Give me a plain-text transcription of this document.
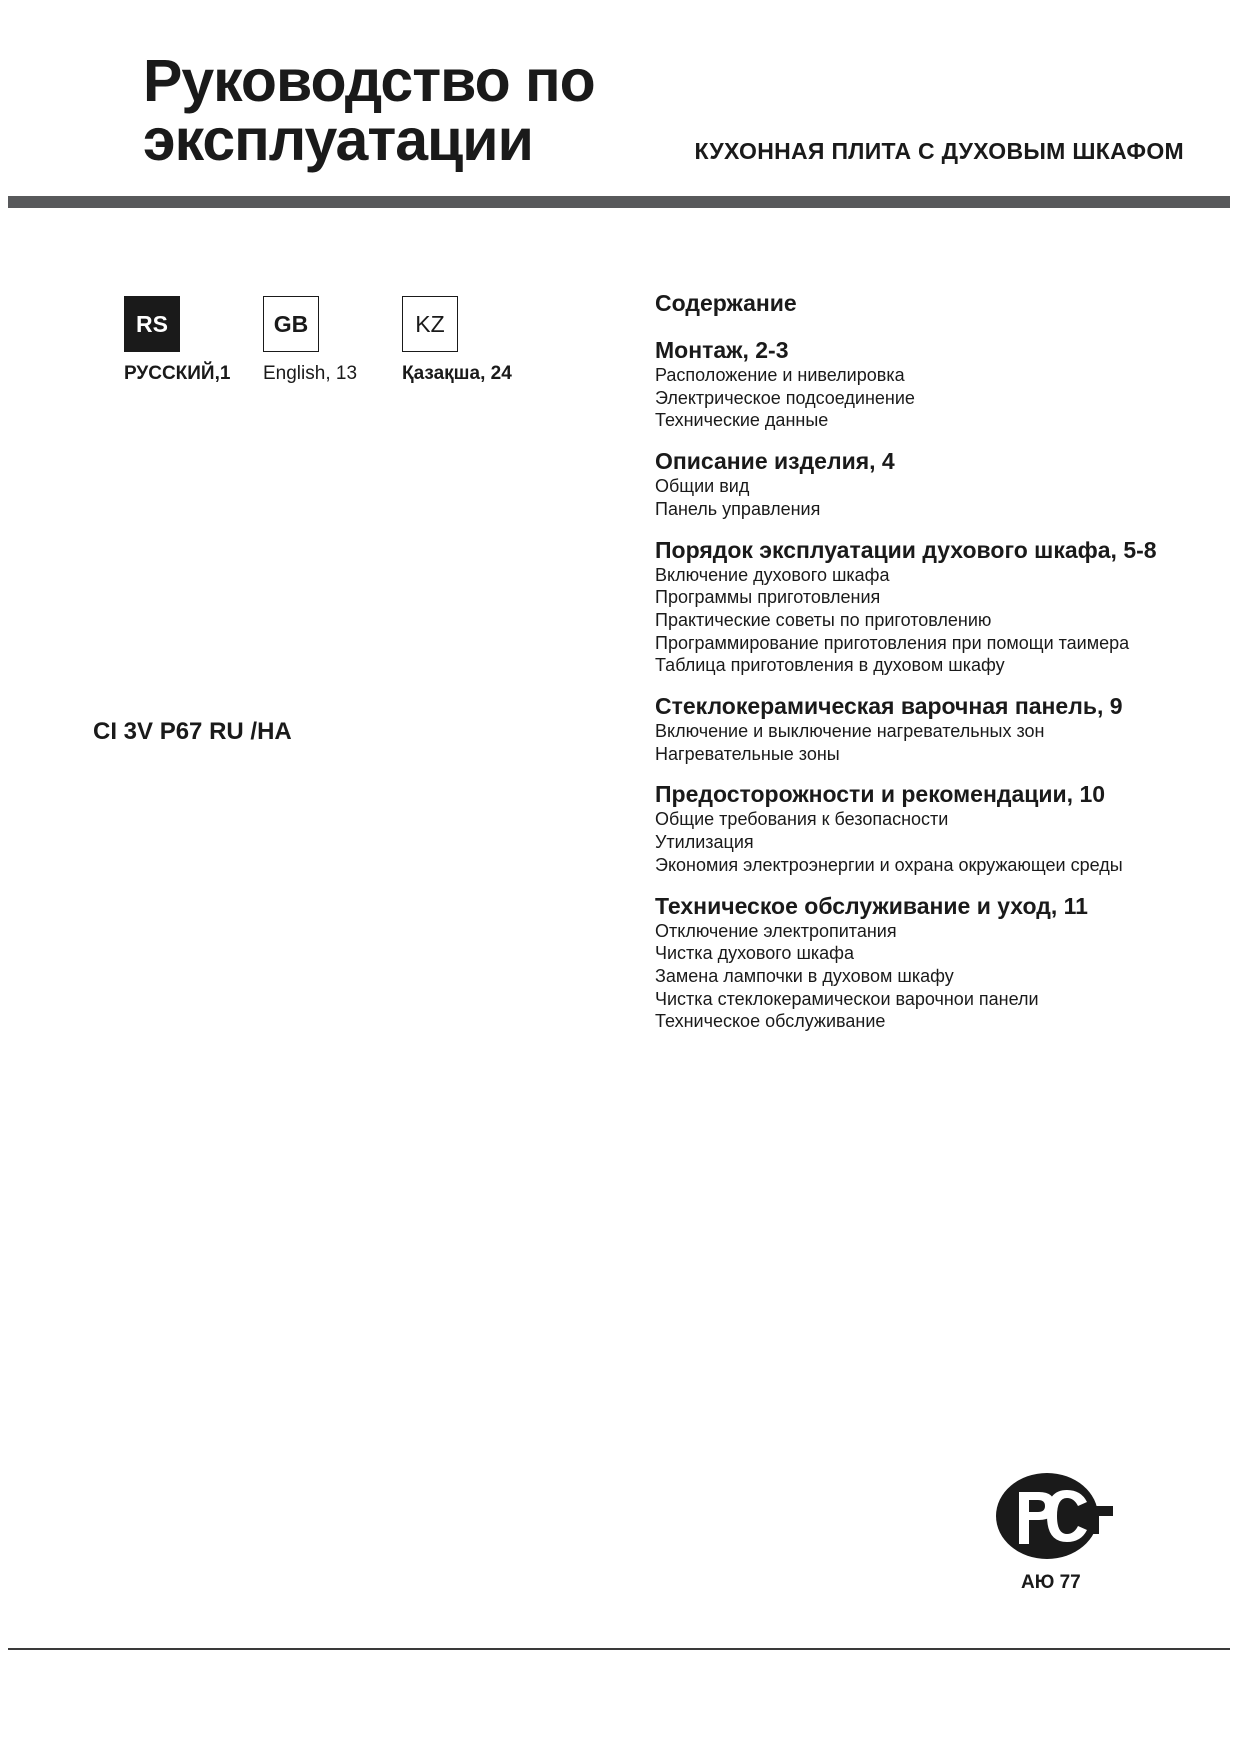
Руководство по
эксплуатации	КУХОННАЯ ПЛИТА С ДУХОВЫМ ШКАФОМ
RS
РУССКИЙ,1
GB
English, 13
KZ
Қазақша, 24
CI 3V P67 RU /HA
Содержание
Монтаж, 2-3
Расположение и нивелировка
Электрическое подсоединение
Технические данные
Описание изделия, 4
Общии вид
Панель управления
Порядок эксплуатации духового шкафа, 5-8
Включение духового шкафа
Программы приготовления
Практические советы по приготовлению
Программирование приготовления при помощи таимера
Таблица приготовления в духовом шкафу
Стеклокерамическая варочная панель, 9
Включение и выключение нагревательных зон
Нагревательные зоны
Предосторожности и рекомендации, 10
Общие требования к безопасности
Утилизация
Экономия электроэнергии и охрана окружающеи среды
Техническое обслуживание и уход, 11
Отключение электропитания
Чистка духового шкафа
Замена лампочки в духовом шкафу
Чистка стеклокерамическои варочнои панели
Техническое обслуживание
АЮ 77
